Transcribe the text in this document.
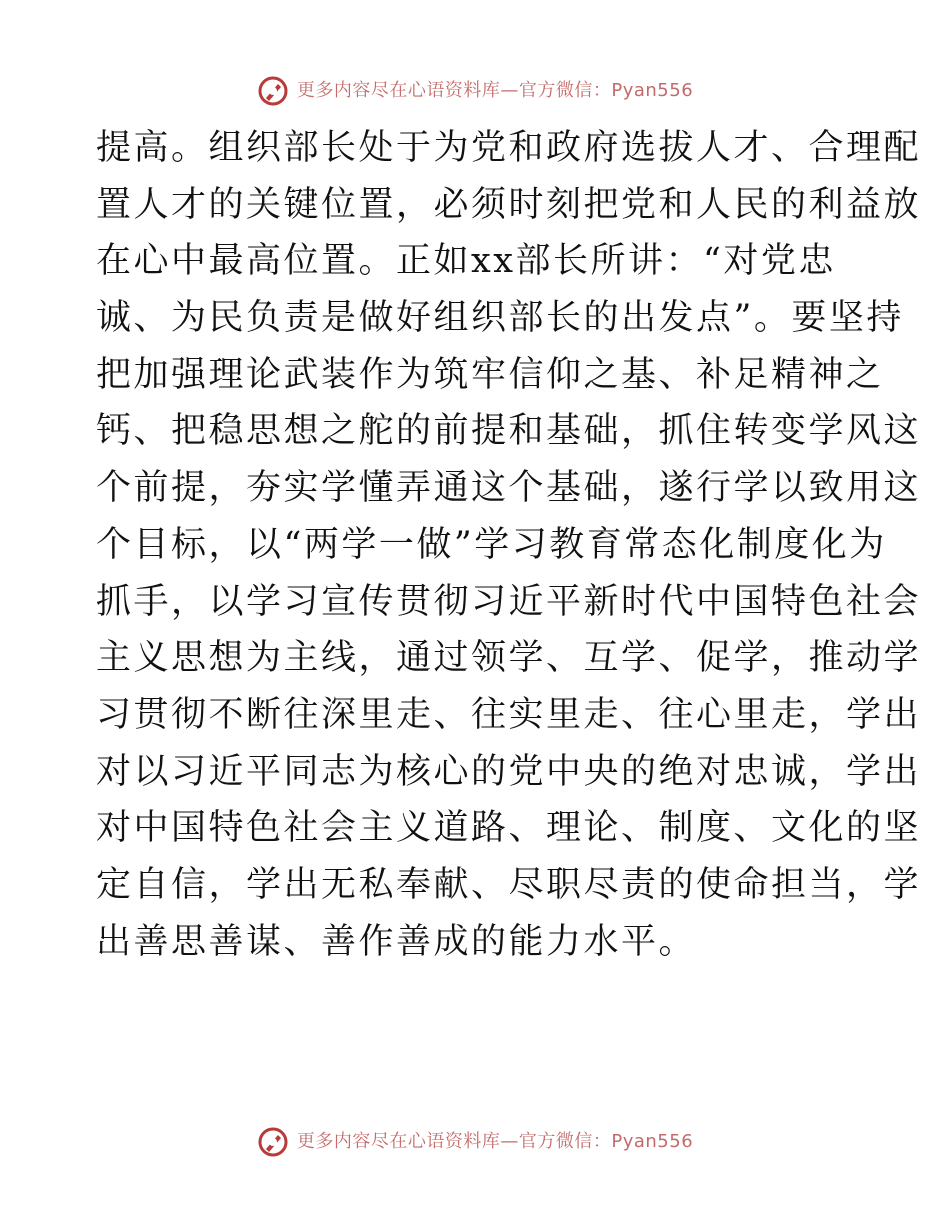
更多内容尽在心语资料库—官方微信：Pyan556
提高。组织部长处于为党和政府选拔人才、合理配
置人才的关键位置，必须时刻把党和人民的利益放
在心中最高位置。正如xx部长所讲：“对党忠
诚、为民负责是做好组织部长的出发点”。要坚持
把加强理论武装作为筑牢信仰之基、补足精神之
钙、把稳思想之舵的前提和基础，抓住转变学风这
个前提，夯实学懂弄通这个基础，遂行学以致用这
个目标，以“两学一做”学习教育常态化制度化为
抓手，以学习宣传贯彻习近平新时代中国特色社会
主义思想为主线，通过领学、互学、促学，推动学
习贯彻不断往深里走、往实里走、往心里走，学出
对以习近平同志为核心的党中央的绝对忠诚，学出
对中国特色社会主义道路、理论、制度、文化的坚
定自信，学出无私奉献、尽职尽责的使命担当，学
出善思善谋、善作善成的能力水平。
更多内容尽在心语资料库—官方微信：Pyan556
